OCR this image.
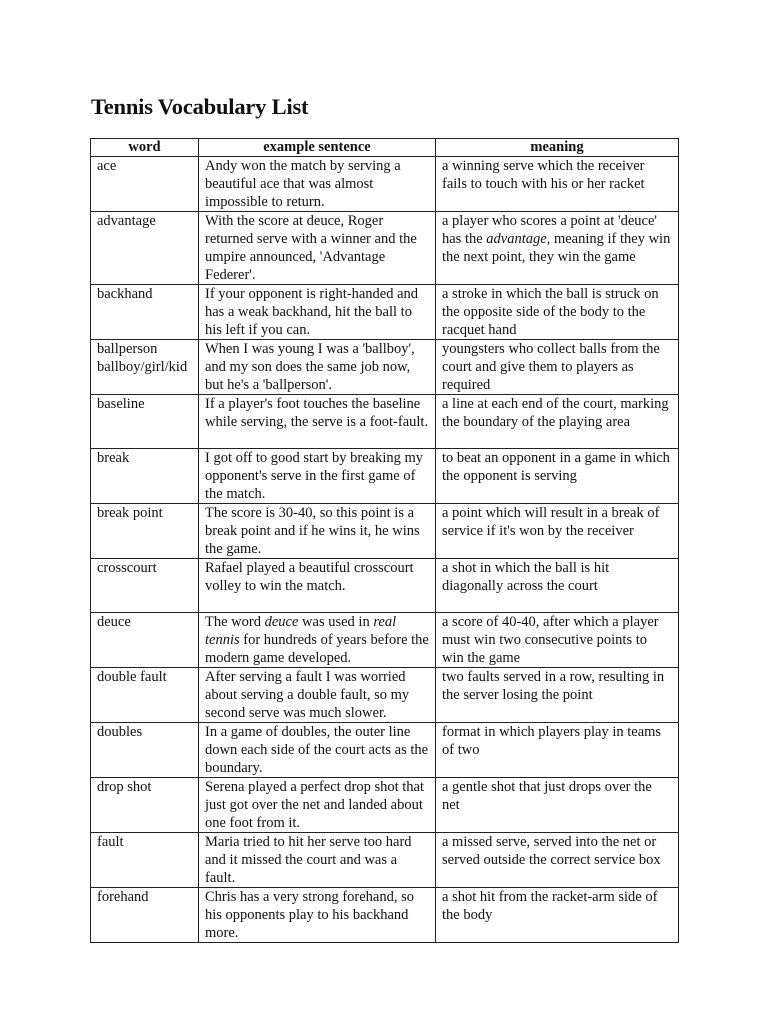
Tennis Vocabulary List
word	example sentence	meaning
ace	Andy won the match by serving a beautiful ace that was almost impossible to return.	a winning serve which the receiver fails to touch with his or her racket
advantage	With the score at deuce, Roger returned serve with a winner and the umpire announced, 'Advantage Federer'.	a player who scores a point at 'deuce' has the advantage, meaning if they win the next point, they win the game
backhand	If your opponent is right-handed and has a weak backhand, hit the ball to his left if you can.	a stroke in which the ball is struck on the opposite side of the body to the racquet hand
ballperson ballboy/girl/kid	When I was young I was a 'ballboy', and my son does the same job now, but he's a 'ballperson'.	youngsters who collect balls from the court and give them to players as required
baseline	If a player's foot touches the baseline while serving, the serve is a foot-fault.	a line at each end of the court, marking the boundary of the playing area
break	I got off to good start by breaking my opponent's serve in the first game of the match.	to beat an opponent in a game in which the opponent is serving
break point	The score is 30-40, so this point is a break point and if he wins it, he wins the game.	a point which will result in a break of service if it's won by the receiver
crosscourt	Rafael played a beautiful crosscourt volley to win the match.	a shot in which the ball is hit diagonally across the court
deuce	The word deuce was used in real tennis for hundreds of years before the modern game developed.	a score of 40-40, after which a player must win two consecutive points to win the game
double fault	After serving a fault I was worried about serving a double fault, so my second serve was much slower.	two faults served in a row, resulting in the server losing the point
doubles	In a game of doubles, the outer line down each side of the court acts as the boundary.	format in which players play in teams of two
drop shot	Serena played a perfect drop shot that just got over the net and landed about one foot from it.	a gentle shot that just drops over the net
fault	Maria tried to hit her serve too hard and it missed the court and was a fault.	a missed serve, served into the net or served outside the correct service box
forehand	Chris has a very strong forehand, so his opponents play to his backhand more.	a shot hit from the racket-arm side of the body
